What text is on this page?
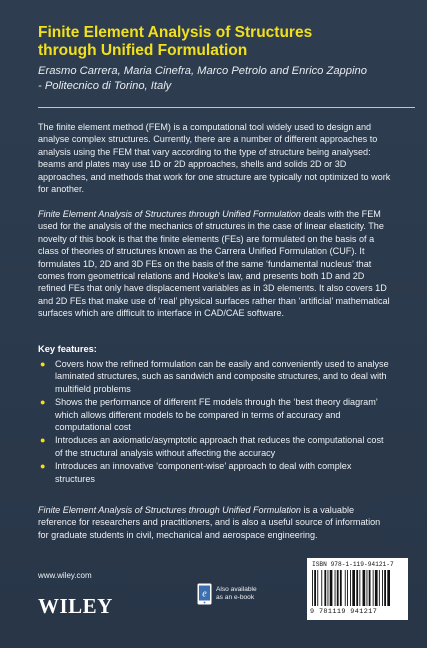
Finite Element Analysis of Structures
through Unified Formulation
Erasmo Carrera, Maria Cinefra, Marco Petrolo and Enrico Zappino
- Politecnico di Torino, Italy
The finite element method (FEM) is a computational tool widely used to design and analyse complex structures. Currently, there are a number of different approaches to analysis using the FEM that vary according to the type of structure being analysed: beams and plates may use 1D or 2D approaches, shells and solids 2D or 3D approaches, and methods that work for one structure are typically not optimized to work for another.
Finite Element Analysis of Structures through Unified Formulation deals with the FEM used for the analysis of the mechanics of structures in the case of linear elasticity. The novelty of this book is that the finite elements (FEs) are formulated on the basis of a class of theories of structures known as the Carrera Unified Formulation (CUF). It formulates 1D, 2D and 3D FEs on the basis of the same ‘fundamental nucleus’ that comes from geometrical relations and Hooke’s law, and presents both 1D and 2D refined FEs that only have displacement variables as in 3D elements. It also covers 1D and 2D FEs that make use of ‘real’ physical surfaces rather than ‘artificial’ mathematical surfaces which are difficult to interface in CAD/CAE software.
Key features:
● Covers how the refined formulation can be easily and conveniently used to analyse laminated structures, such as sandwich and composite structures, and to deal with multifield problems
● Shows the performance of different FE models through the ‘best theory diagram’ which allows different models to be compared in terms of accuracy and computational cost
● Introduces an axiomatic/asymptotic approach that reduces the computational cost of the structural analysis without affecting the accuracy
● Introduces an innovative ‘component-wise’ approach to deal with complex structures
Finite Element Analysis of Structures through Unified Formulation is a valuable reference for researchers and practitioners, and is also a useful source of information for graduate students in civil, mechanical and aerospace engineering.
www.wiley.com
WILEY	e Also available
as an e-book
ISBN 978-1-119-94121-7
9 781119 941217
